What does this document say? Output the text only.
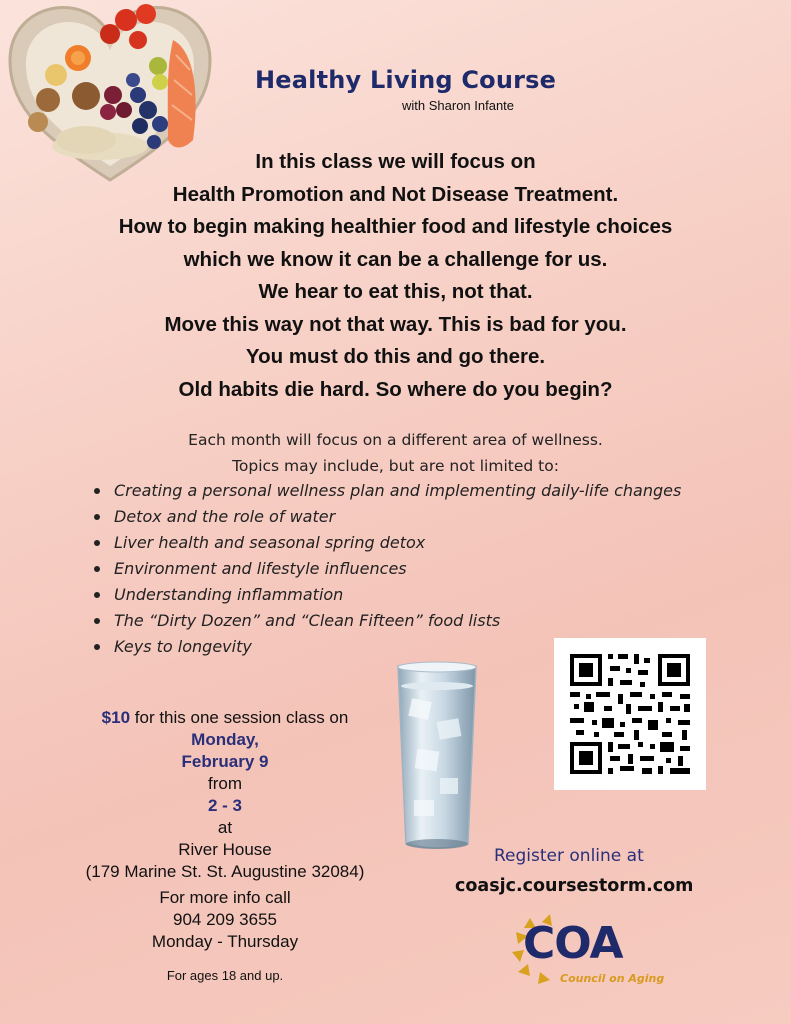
Healthy Living Course
with Sharon Infante
In this class we will focus on
Health Promotion and Not Disease Treatment.
How to begin making healthier food and lifestyle choices
which we know it can be a challenge for us.
We hear to eat this, not that.
Move this way not that way. This is bad for you.
You must do this and go there.
Old habits die hard. So where do you begin?
Each month will focus on a different area of wellness.
Topics may include, but are not limited to:
Creating a personal wellness plan and implementing daily-life changes
Detox and the role of water
Liver health and seasonal spring detox
Environment and lifestyle influences
Understanding inflammation
The “Dirty Dozen” and “Clean Fifteen” food lists
Keys to longevity
$10 for this one session class on
Monday,
February 9
from
2 - 3
at
River House
(179 Marine St. St. Augustine 32084)
For more info call
904 209 3655
Monday - Thursday
For ages 18 and up.
Register online at
coasjc.coursestorm.com
COA
Council on Aging
